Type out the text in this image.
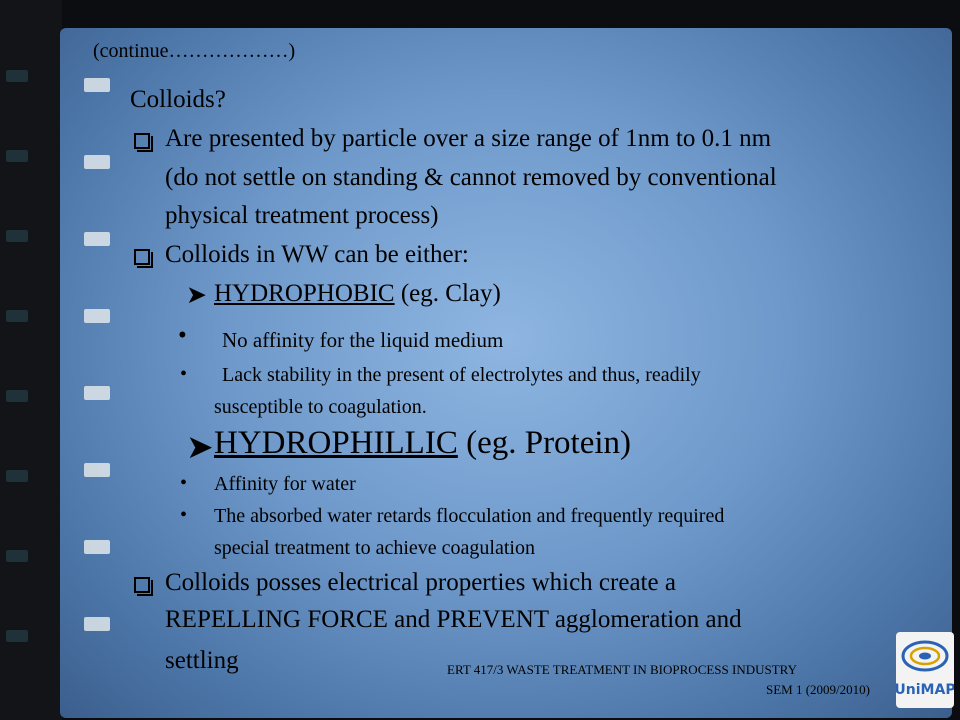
(continue………………)
Colloids?
Are presented by particle over a size range of 1nm to 0.1 nm
(do not settle on standing & cannot removed by conventional
physical treatment process)
Colloids in WW can be either:
➤ HYDROPHOBIC (eg. Clay)
• No affinity for the liquid medium
• Lack stability in the present of electrolytes and thus, readily
susceptible to coagulation.
➤ HYDROPHILLIC (eg. Protein)
• Affinity for water
• The absorbed water retards flocculation and frequently required
special treatment to achieve coagulation
Colloids posses electrical properties which create a
REPELLING FORCE and PREVENT agglomeration and
settling	ERT 417/3 WASTE TREATMENT IN BIOPROCESS INDUSTRY
SEM 1 (2009/2010) UniMAP
